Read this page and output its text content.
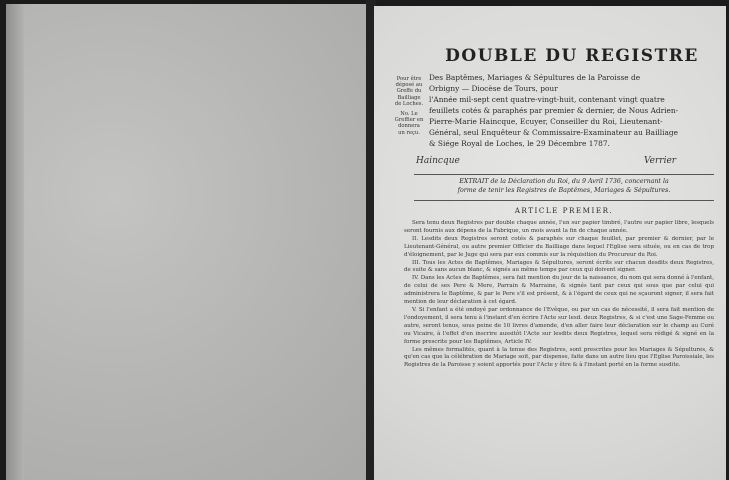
DOUBLE DU REGISTRE
Pour être déposé au Greffe du Bailliage de Loches.
No. Le Greffier en donnera un reçu.
Des Baptêmes, Mariages & Sépultures de la Paroisse de
Orbigny — Diocèse de Tours, pour
l'Année mil-sept cent quatre-vingt-huit, contenant vingt quatre
feuillets cotés & paraphés par premier & dernier, de Nous Adrien-
Pierre-Marie Haincque, Ecuyer, Conseiller du Roi, Lieutenant-
Général, seul Enquêteur & Commissaire-Examinateur au Bailliage
& Siége Royal de Loches, le 29 Décembre 1787.
Haincque	Verrier
EXTRAIT de la Déclaration du Roi, du 9 Avril 1736, concernant la
forme de tenir les Registres de Baptêmes, Mariages & Sépultures.
ARTICLE PREMIER.

Sera tenu deux Registres par double chaque année, l'un sur papier timbré, l'autre sur papier libre, lesquels seront fournis aux dépens de la Fabrique, un mois avant la fin de chaque année.

II. Lesdits deux Registres seront cotés & paraphés sur chaque feuillet, par premier & dernier, par le Lieutenant-Général, ou autre premier Officier du Bailliage dans lequel l'Eglise sera située, ou en cas de trop d'éloignement, par le Juge qui sera par eux commis sur la réquisition du Procureur du Roi.

III. Tous les Actes de Baptêmes, Mariages & Sépultures, seront écrits sur chacun desdits deux Registres, de suite & sans aucun blanc, & signés au même temps par ceux qui doivent signer.

IV. Dans les Actes de Baptêmes, sera fait mention du jour de la naissance, du nom qui sera donné à l'enfant, de celui de ses Pere & Mere, Parrain & Marraine, & signés tant par ceux qui sous que par celui qui administrera le Baptême, & par le Pere s'il est présent, & à l'égard de ceux qui ne sçauront signer, il sera fait mention de leur déclaration à cet égard.

V. Si l'enfant a été ondoyé par ordonnance de l'Evêque, ou par un cas de nécessité, il sera fait mention de l'ondoyement, il sera tenu à l'instant d'en écrire l'Acte sur lesd. deux Registres, & si c'est une Sage-Femme ou autre, seront tenus, sous peine de 10 livres d'amende, d'en aller faire leur déclaration sur le champ au Curé ou Vicaire, à l'effet d'en inscrire aussitôt l'Acte sur lesdits deux Registres, lequel sera rédigé & signé en la forme prescrite pour les Baptêmes, Article IV.

Les mêmes formalités, quant à la tenue des Registres, sont prescrites pour les Mariages & Sépultures, & qu'en cas que la célébration de Mariage soit, par dispense, faite dans un autre lieu que l'Eglise Paroissiale, les Registres de la Paroisse y soient apportés pour l'Acte y être & à l'instant porté en la forme susdite.
